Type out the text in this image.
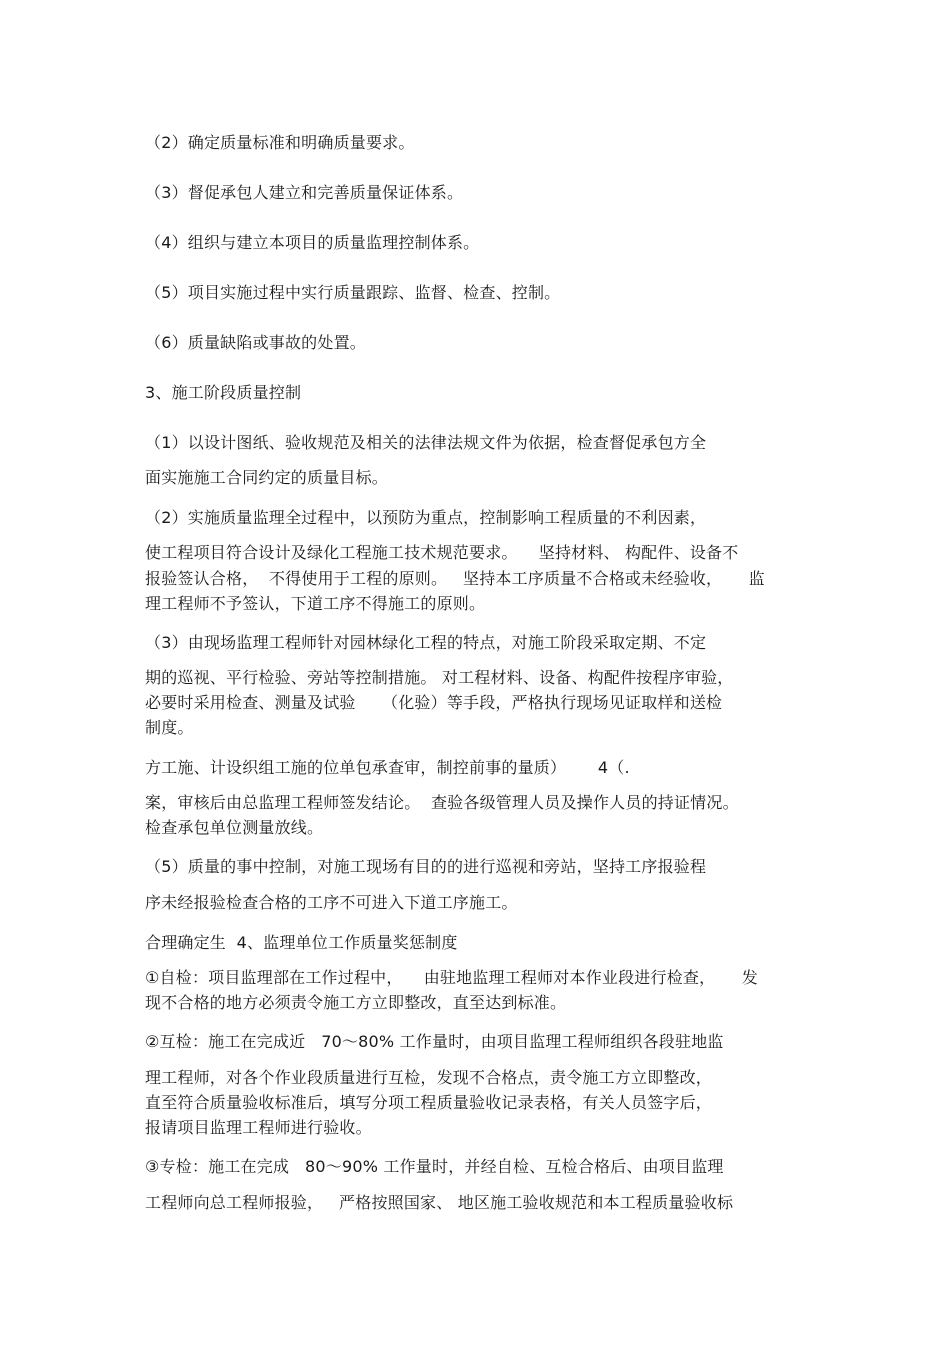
（2）确定质量标准和明确质量要求。
（3）督促承包人建立和完善质量保证体系。
（4）组织与建立本项目的质量监理控制体系。
（5）项目实施过程中实行质量跟踪、监督、检查、控制。
（6）质量缺陷或事故的处置。
3、施工阶段质量控制
（1）以设计图纸、验收规范及相关的法律法规文件为依据，检查督促承包方全
面实施施工合同约定的质量目标。
（2）实施质量监理全过程中，以预防为重点，控制影响工程质量的不利因素，
使工程项目符合设计及绿化工程施工技术规范要求。    坚持材料、 构配件、设备不
报验签认合格，  不得使用于工程的原则。   坚持本工序质量不合格或未经验收，     监
理工程师不予签认，下道工序不得施工的原则。
（3）由现场监理工程师针对园林绿化工程的特点，对施工阶段采取定期、不定
期的巡视、平行检验、旁站等控制措施。 对工程材料、设备、构配件按程序审验，
必要时采用检查、测量及试验     （化验）等手段，严格执行现场见证取样和送检
制度。
方工施、计设织组工施的位单包承查审，制控前事的量质）      4（.
案，审核后由总监理工程师签发结论。  查验各级管理人员及操作人员的持证情况。
检查承包单位测量放线。
（5）质量的事中控制，对施工现场有目的的进行巡视和旁站，坚持工序报验程
序未经报验检查合格的工序不可进入下道工序施工。
合理确定生  4、监理单位工作质量奖惩制度
①自检：项目监理部在工作过程中，    由驻地监理工程师对本作业段进行检查，     发
现不合格的地方必须责令施工方立即整改，直至达到标准。
②互检：施工在完成近   70～80% 工作量时，由项目监理工程师组织各段驻地监
理工程师，对各个作业段质量进行互检，发现不合格点，责令施工方立即整改，
直至符合质量验收标准后，填写分项工程质量验收记录表格，有关人员签字后，
报请项目监理工程师进行验收。
③专检：施工在完成   80～90% 工作量时，并经自检、互检合格后、由项目监理
工程师向总工程师报验，   严格按照国家、 地区施工验收规范和本工程质量验收标
